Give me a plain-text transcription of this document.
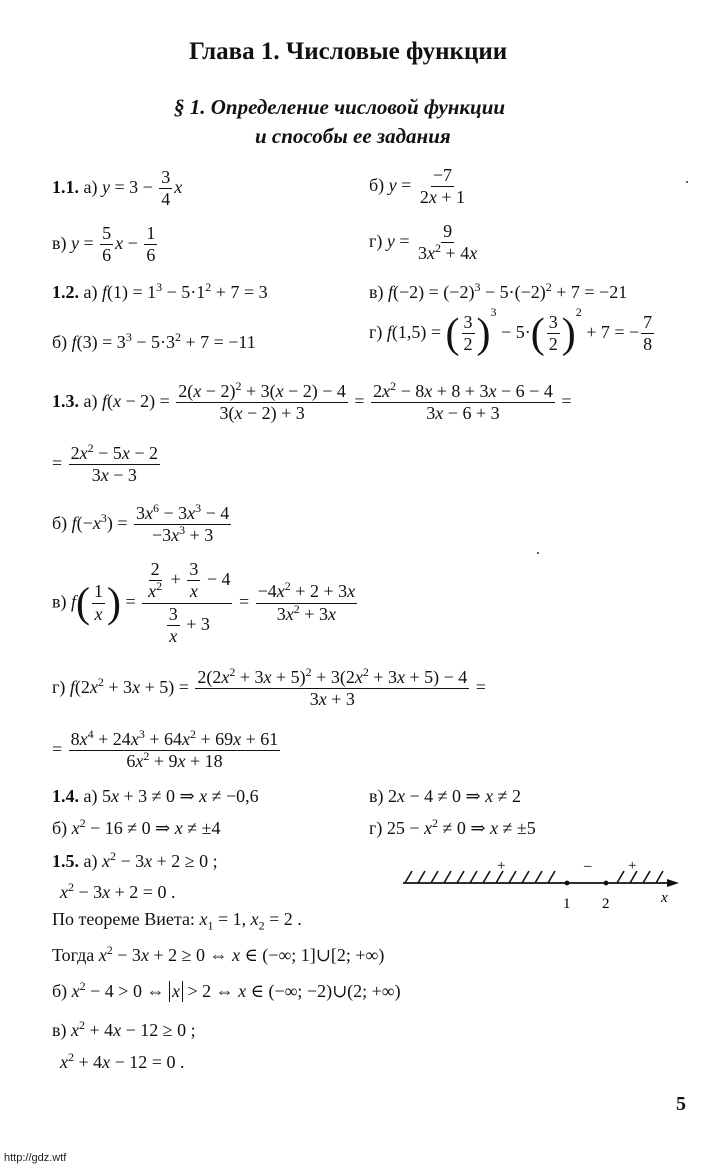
Глава 1. Числовые функции
§ 1. Определение числовой функции
и способы ее задания
1.1. а) $y = 3 - \frac{3}{4}$ x	б) $y = \frac{-7}{2x + 1}$
в) $y = \frac{5}{6}$ $x - \frac{1}{6}$	г) $y = \frac{9}{3x^2 + 4x}$
1.2. а) $f(1) = 1^3 - 5\cdot 1^2 + 7 = 3$	в) $f(-2) = (-2)^3 - 5\cdot(-2)^2 + 7 = -21$
б) $f(3) = 3^3 - 5\cdot 3^2 + 7 = -11$	г) f(1,5) = ( $\frac{3}{2} )^3 - 5\cdot( \frac{3}{2} )^2 + 7$ = − $\frac{7}{8}$
1.3. а) $f(x - 2) = \frac{2(x - 2)^2 + 3(x - 2) - 4}{3(x - 2) + 3} = \frac{2x^2 - 8x + 8 + 3x - 6 - 4}{3x - 6 + 3}$ =
= $\frac{2x^2 - 5x - 2}{3x - 3}$
б) $f(-x^3) = \frac{3x^6 - 3x^3 - 4}{-3x^3 + 3}$
в) $f( \frac{1}{x}$ ) = $\frac{\frac{2}{x^2} + \frac{3}{x} - 4}{\frac{3}{x} + 3} = \frac{-4x^2 + 2 + 3x}{3x^2 + 3x}$
г) $f(2x^2 + 3x + 5) = \frac{2(2x^2 + 3x + 5)^2 + 3(2x^2 + 3x + 5) - 4}{3x + 3}$ =
= $\frac{8x^4 + 24x^3 + 64x^2 + 69x + 61}{6x^2 + 9x + 18}$
1.4. а) 5x + 3 ≠ 0 ⇒ x ≠ −0,6	в) 2x − 4 ≠ 0 ⇒ x ≠ 2
б) $x^2 - 16 \ne 0$ ⇒ x ≠ ±4	г) $25 - x^2 \ne 0$ ⇒ x ≠ ±5
1.5. а) $x^2 - 3x + 2 \ge 0$ ;
$x^2 - 3x + 2 = 0$ .
По теореме Виета: $x_1 = 1$, $x_2 = 2$ .
Тогда $x^2 - 3x + 2 \ge 0$ ⇔ x ∈ (−∞; 1]∪[2; +∞)
б) $x^2 - 4 > 0$ ⇔ x > 2 ⇔ x ∈ (−∞; −2)∪(2; +∞)
в) $x^2 + 4x - 12 \ge 0$ ;
$x^2 + 4x - 12 = 0$ .
+	– +
1 2	x
5
http://gdz.wtf
